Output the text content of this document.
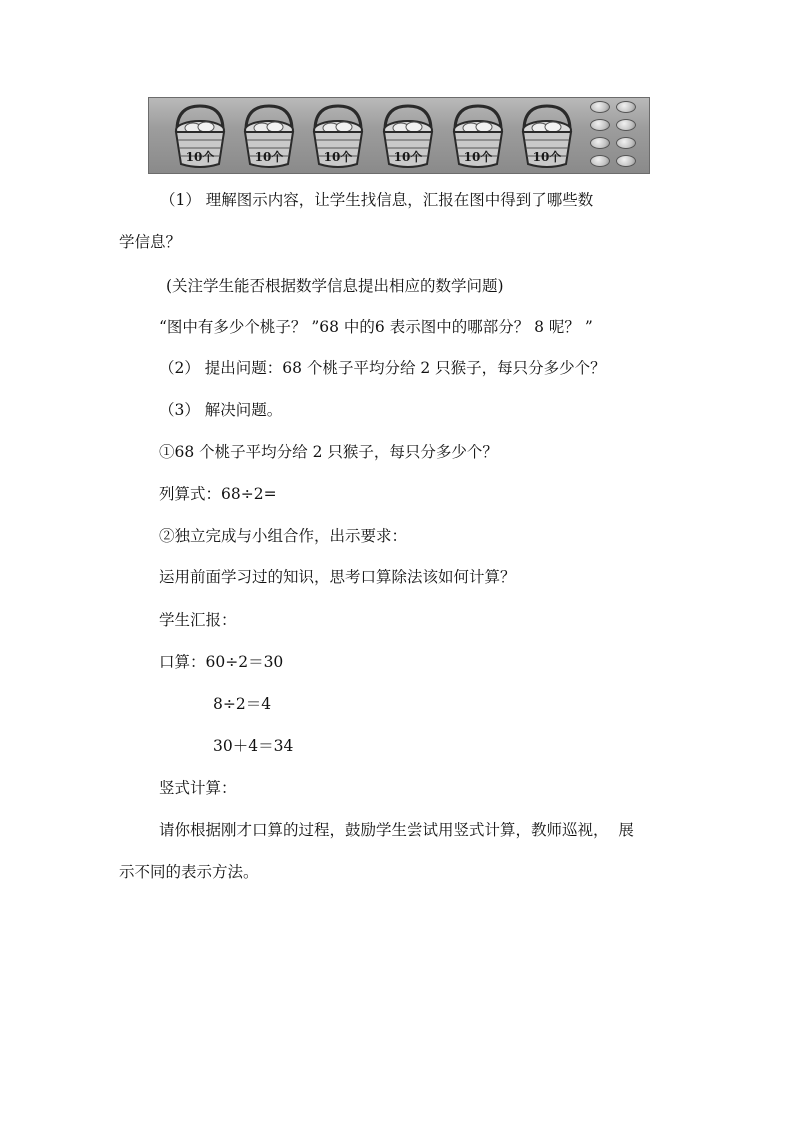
10个	10个	10个	10个	10个	10个
（1） 理解图示内容，让学生找信息，汇报在图中得到了哪些数
学信息？
(关注学生能否根据数学信息提出相应的数学问题)
“图中有多少个桃子？ ”68 中的6 表示图中的哪部分？ 8 呢？ ”
（2） 提出问题：68 个桃子平均分给 2 只猴子，每只分多少个？
（3） 解决问题。
①68 个桃子平均分给 2 只猴子，每只分多少个？
列算式：68÷2=
②独立完成与小组合作，出示要求：
运用前面学习过的知识，思考口算除法该如何计算？
学生汇报：
口算：60÷2＝30
8÷2＝4
30＋4＝34
竖式计算：
请你根据刚才口算的过程，鼓励学生尝试用竖式计算，教师巡视，  展
示不同的表示方法。
